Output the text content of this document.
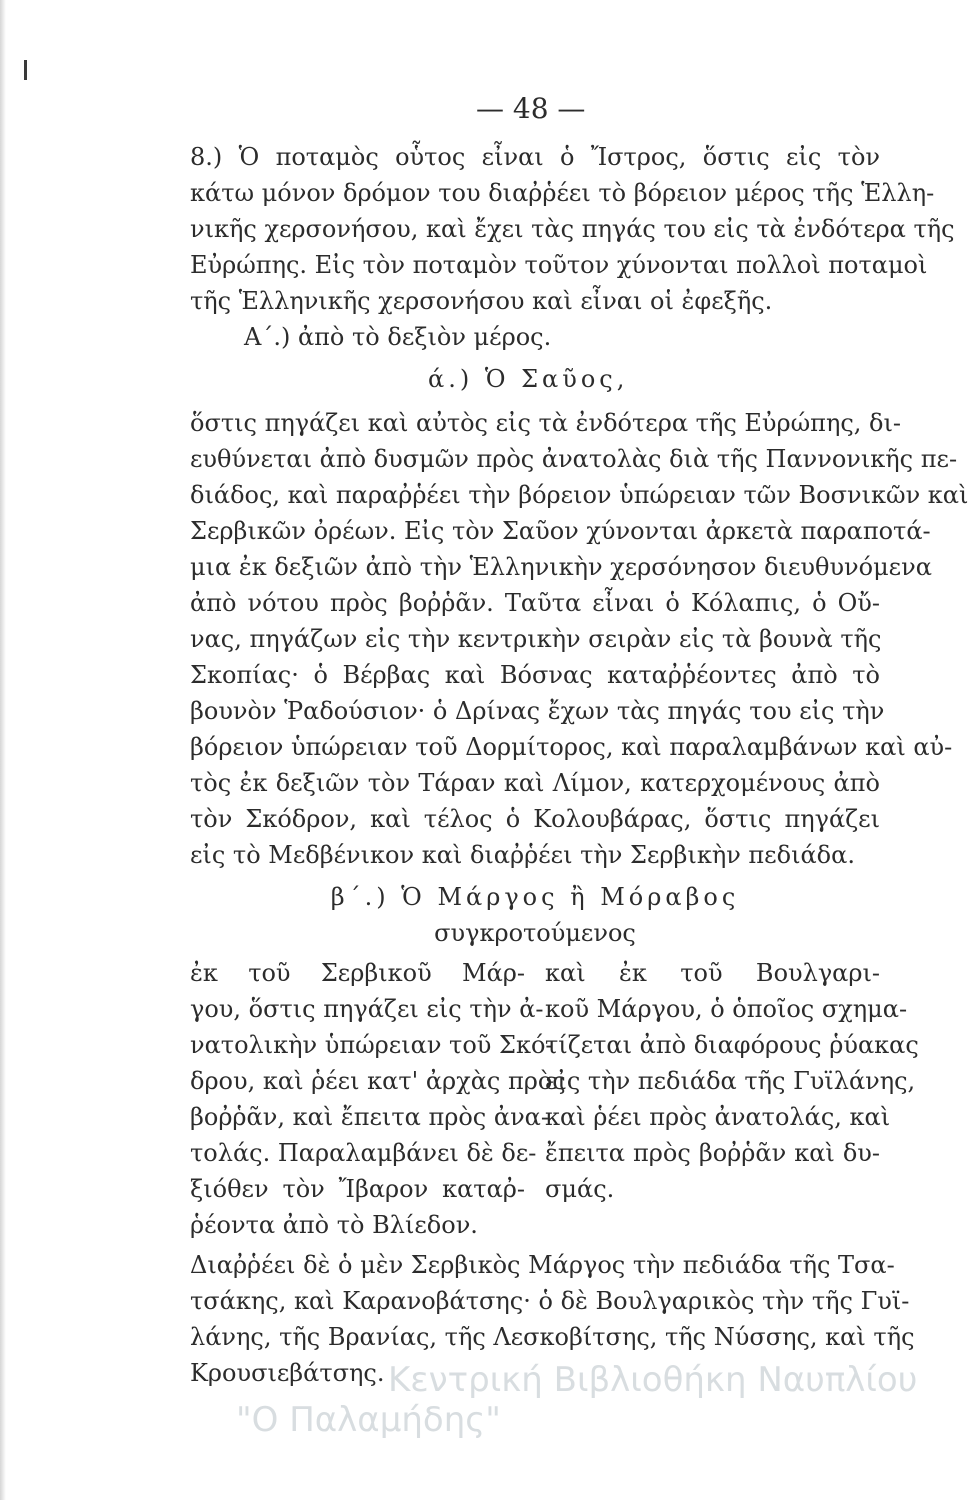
— 48 —
8.) Ὁ ποταμὸς οὗτος εἶναι ὁ Ἴστρος, ὅστις εἰς τὸν
κάτω μόνον δρόμον του διαῤῥέει τὸ βόρειον μέρος τῆς Ἑλλη-
νικῆς χερσονήσου, καὶ ἔχει τὰς πηγάς του εἰς τὰ ἐνδότερα τῆς
Εὐρώπης. Εἰς τὸν ποταμὸν τοῦτον χύνονται πολλοὶ ποταμοὶ
τῆς Ἑλληνικῆς χερσονήσου καὶ εἶναι οἱ ἐφεξῆς.
Α΄.) ἀπὸ τὸ δεξιὸν μέρος.
ά.) Ὁ Σαῦος,
ὅστις πηγάζει καὶ αὐτὸς εἰς τὰ ἐνδότερα τῆς Εὐρώπης, δι-
ευθύνεται ἀπὸ δυσμῶν πρὸς ἀνατολὰς διὰ τῆς Παννονικῆς πε-
διάδος, καὶ παραῤῥέει τὴν βόρειον ὑπώρειαν τῶν Βοσνικῶν καὶ
Σερβικῶν ὀρέων. Εἰς τὸν Σαῦον χύνονται ἀρκετὰ παραποτά-
μια ἐκ δεξιῶν ἀπὸ τὴν Ἑλληνικὴν χερσόνησον διευθυνόμενα
ἀπὸ νότου πρὸς βοῤῥᾶν. Ταῦτα εἶναι ὁ Κόλαπις, ὁ Οὔ-
νας, πηγάζων εἰς τὴν κεντρικὴν σειρὰν εἰς τὰ βουνὰ τῆς
Σκοπίας· ὁ Βέρβας καὶ Βόσνας καταῤῥέοντες ἀπὸ τὸ
βουνὸν Ῥαδούσιον· ὁ Δρίνας ἔχων τὰς πηγάς του εἰς τὴν
βόρειον ὑπώρειαν τοῦ Δορμίτορος, καὶ παραλαμβάνων καὶ αὐ-
τὸς ἐκ δεξιῶν τὸν Τάραν καὶ Λίμον, κατερχομένους ἀπὸ
τὸν Σκόδρον, καὶ τέλος ὁ Κολουβάρας, ὅστις πηγάζει
εἰς τὸ Μεδβένικον καὶ διαῤῥέει τὴν Σερβικὴν πεδιάδα.
β΄.) Ὁ Μάργος ἢ Μόραβος
συγκροτούμενος
ἐκ τοῦ Σερβικοῦ Μάρ-
γου, ὅστις πηγάζει εἰς τὴν ἀ-
νατολικὴν ὑπώρειαν τοῦ Σκό-
δρου, καὶ ῥέει κατ' ἀρχὰς πρὸς
βοῤῥᾶν, καὶ ἔπειτα πρὸς ἀνα-
τολάς. Παραλαμβάνει δὲ δε-
ξιόθεν τὸν Ἴβαρον καταῤ-
ῥέοντα ἀπὸ τὸ Βλίεδον.
καὶ ἐκ τοῦ Βουλγαρι-
κοῦ Μάργου, ὁ ὁποῖος σχημα-
τίζεται ἀπὸ διαφόρους ῥύακας
εἰς τὴν πεδιάδα τῆς Γυϊλάνης,
καὶ ῥέει πρὸς ἀνατολάς, καὶ
ἔπειτα πρὸς βοῤῥᾶν καὶ δυ-
σμάς.
Διαῤῥέει δὲ ὁ μὲν Σερβικὸς Μάργος τὴν πεδιάδα τῆς Τσα-
τσάκης, καὶ Καρανοβάτσης· ὁ δὲ Βουλγαρικὸς τὴν τῆς Γυϊ-
λάνης, τῆς Βρανίας, τῆς Λεσκοβίτσης, τῆς Νύσσης, καὶ τῆς
Κρουσιεβάτσης. Κεντρική Βιβλιοθήκη Ναυπλίου
"Ο Παλαμήδης"
